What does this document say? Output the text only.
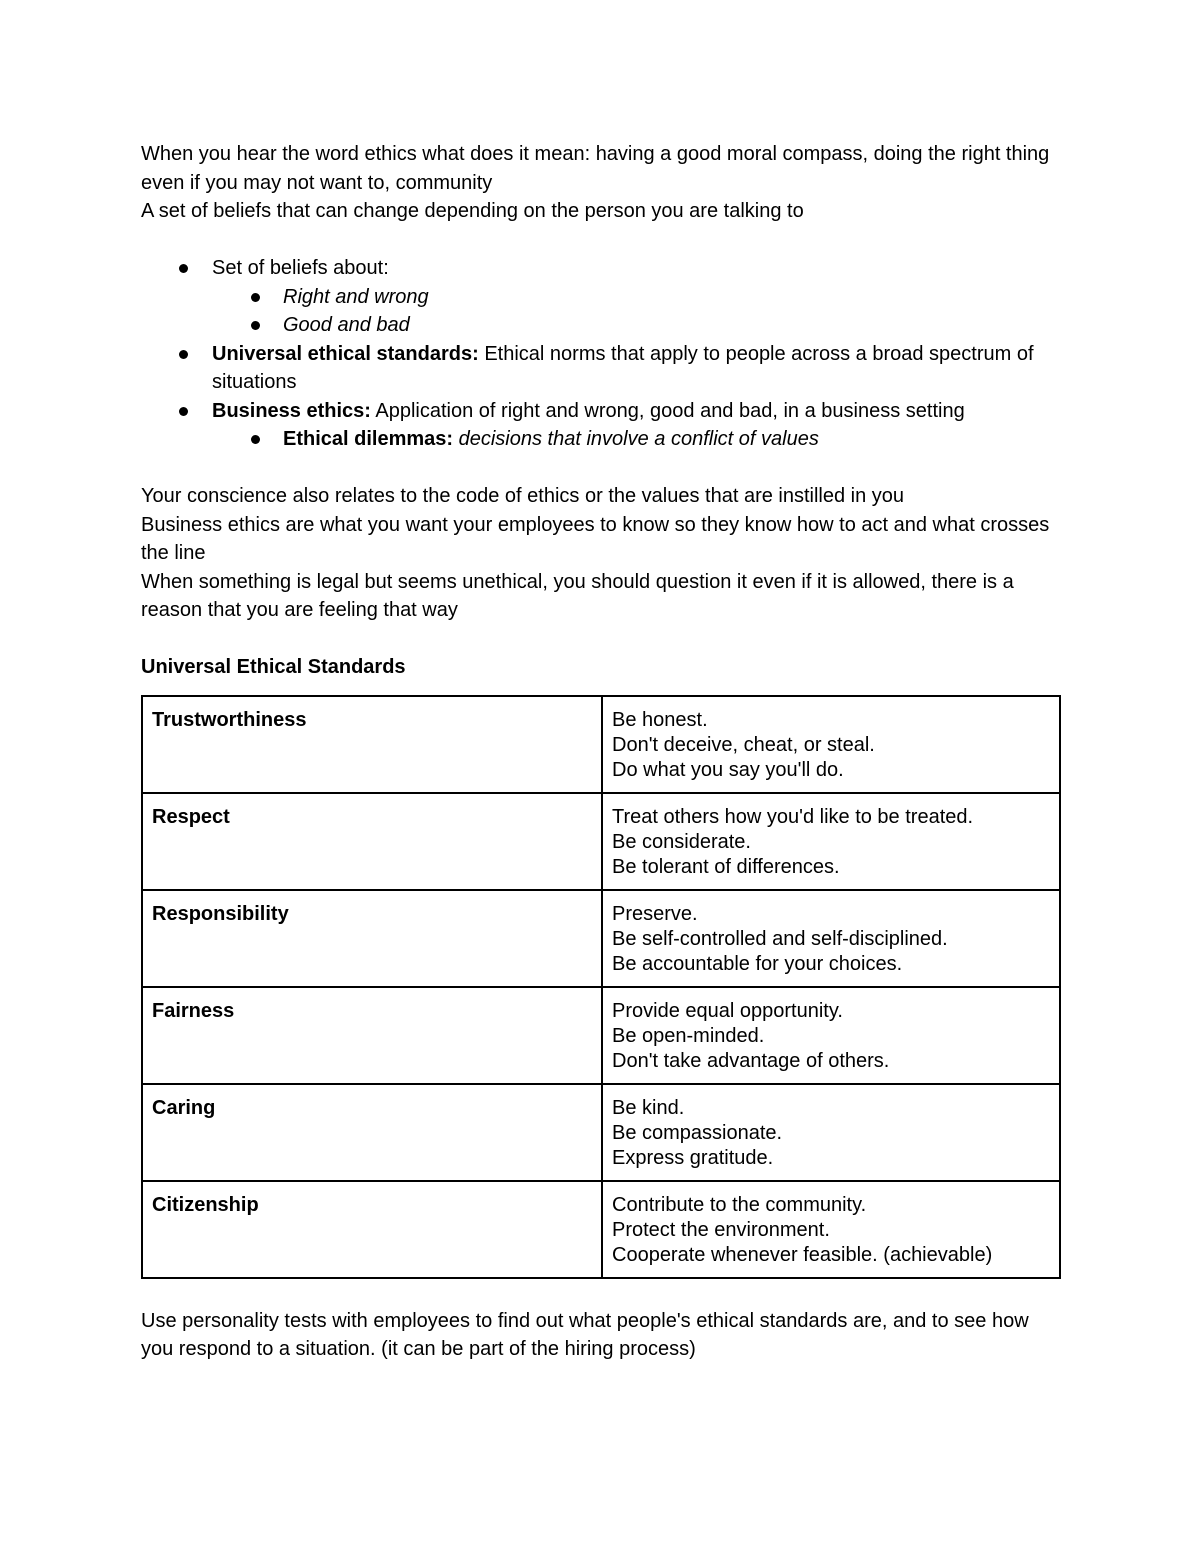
When you hear the word ethics what does it mean: having a good moral compass, doing the right thing even if you may not want to, community

A set of beliefs that can change depending on the person you are talking to

Set of beliefs about:
Right and wrong
Good and bad
Universal ethical standards: Ethical norms that apply to people across a broad spectrum of situations
Business ethics: Application of right and wrong, good and bad, in a business setting
Ethical dilemmas: decisions that involve a conflict of values

Your conscience also relates to the code of ethics or the values that are instilled in you

Business ethics are what you want your employees to know so they know how to act and what crosses the line

When something is legal but seems unethical, you should question it even if it is allowed, there is a reason that you are feeling that way

Universal Ethical Standards

Trustworthiness	Be honest.
Don't deceive, cheat, or steal.
Do what you say you'll do.

Respect	Treat others how you'd like to be treated.
Be considerate.
Be tolerant of differences.

Responsibility	Preserve.
Be self-controlled and self-disciplined.
Be accountable for your choices.

Fairness	Provide equal opportunity.
Be open-minded.
Don't take advantage of others.

Caring	Be kind.
Be compassionate.
Express gratitude.

Citizenship	Contribute to the community.
Protect the environment.
Cooperate whenever feasible. (achievable)

Use personality tests with employees to find out what people's ethical standards are, and to see how you respond to a situation. (it can be part of the hiring process)
